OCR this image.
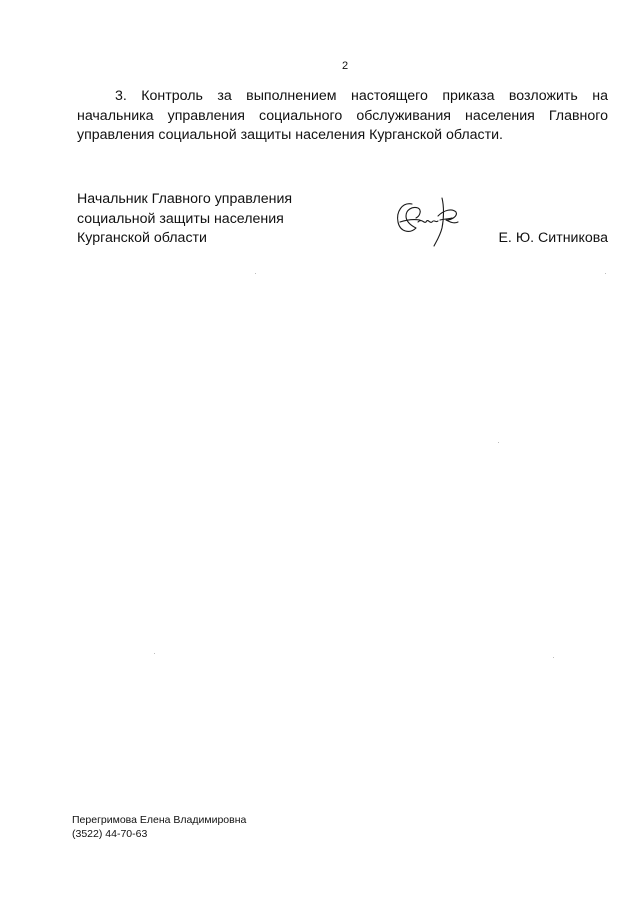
2

3. Контроль за выполнением настоящего приказа возложить на начальника управления социального обслуживания населения Главного управления социальной защиты населения Курганской области.

Начальник Главного управления
социальной защиты населения
Курганской области	Е. Ю. Ситникова
Перегримова Елена Владимировна
(3522) 44-70-63
